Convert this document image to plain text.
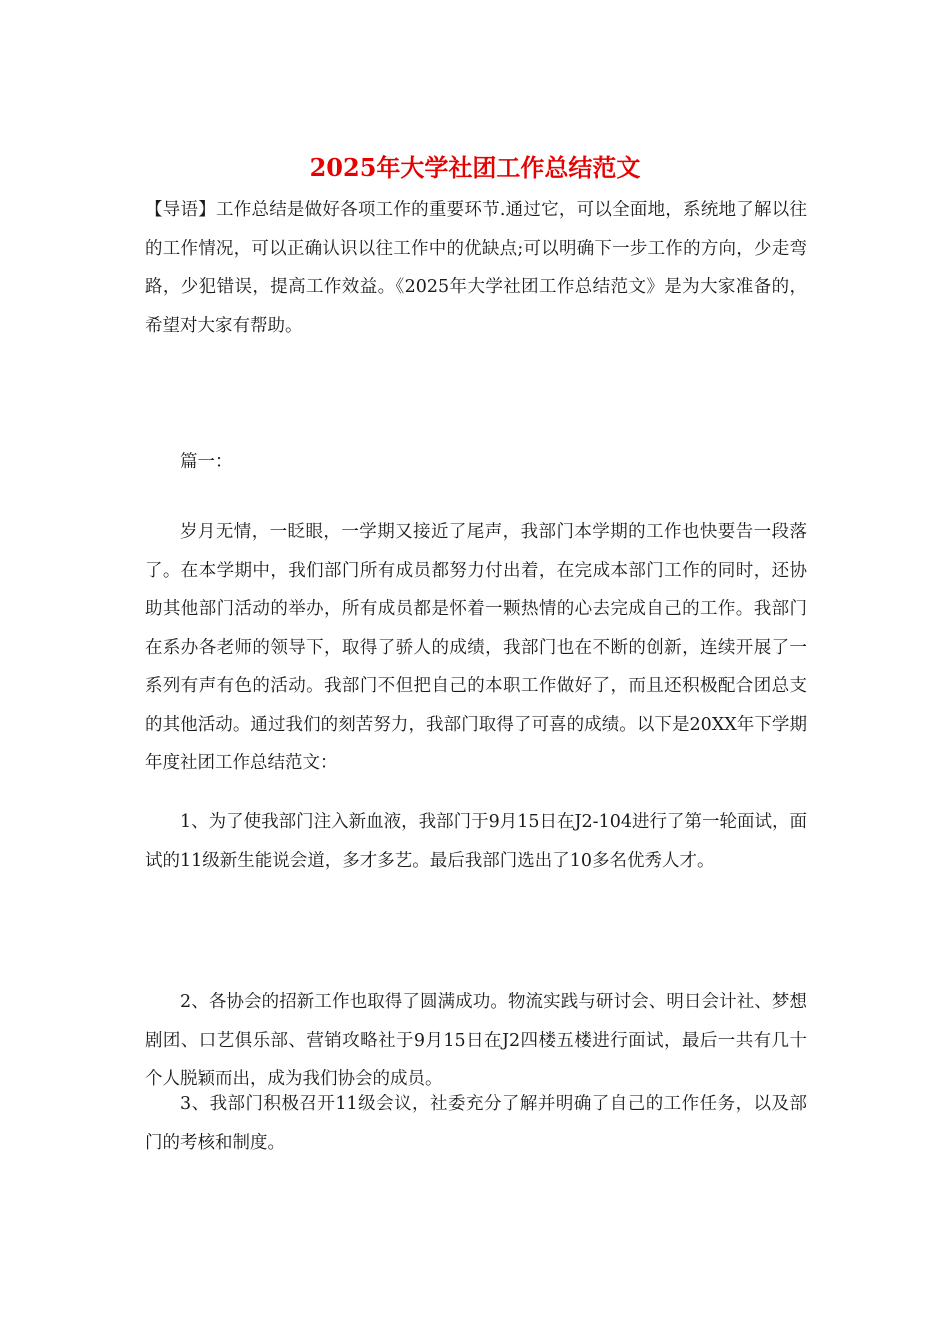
2025年大学社团工作总结范文

【导语】工作总结是做好各项工作的重要环节.通过它，可以全面地，系统地了解以往的工作情况，可以正确认识以往工作中的优缺点;可以明确下一步工作的方向，少走弯路，少犯错误，提高工作效益。《2025年大学社团工作总结范文》是为大家准备的，希望对大家有帮助。

篇一：

岁月无情，一眨眼，一学期又接近了尾声，我部门本学期的工作也快要告一段落了。在本学期中，我们部门所有成员都努力付出着，在完成本部门工作的同时，还协助其他部门活动的举办，所有成员都是怀着一颗热情的心去完成自己的工作。我部门在系办各老师的领导下，取得了骄人的成绩，我部门也在不断的创新，连续开展了一系列有声有色的活动。我部门不但把自己的本职工作做好了，而且还积极配合团总支的其他活动。通过我们的刻苦努力，我部门取得了可喜的成绩。以下是20XX年下学期年度社团工作总结范文：

1、为了使我部门注入新血液，我部门于9月15日在J2-104进行了第一轮面试，面试的11级新生能说会道，多才多艺。最后我部门选出了10多名优秀人才。

2、各协会的招新工作也取得了圆满成功。物流实践与研讨会、明日会计社、梦想剧团、口艺俱乐部、营销攻略社于9月15日在J2四楼五楼进行面试，最后一共有几十个人脱颖而出，成为我们协会的成员。

3、我部门积极召开11级会议，社委充分了解并明确了自己的工作任务，以及部门的考核和制度。
